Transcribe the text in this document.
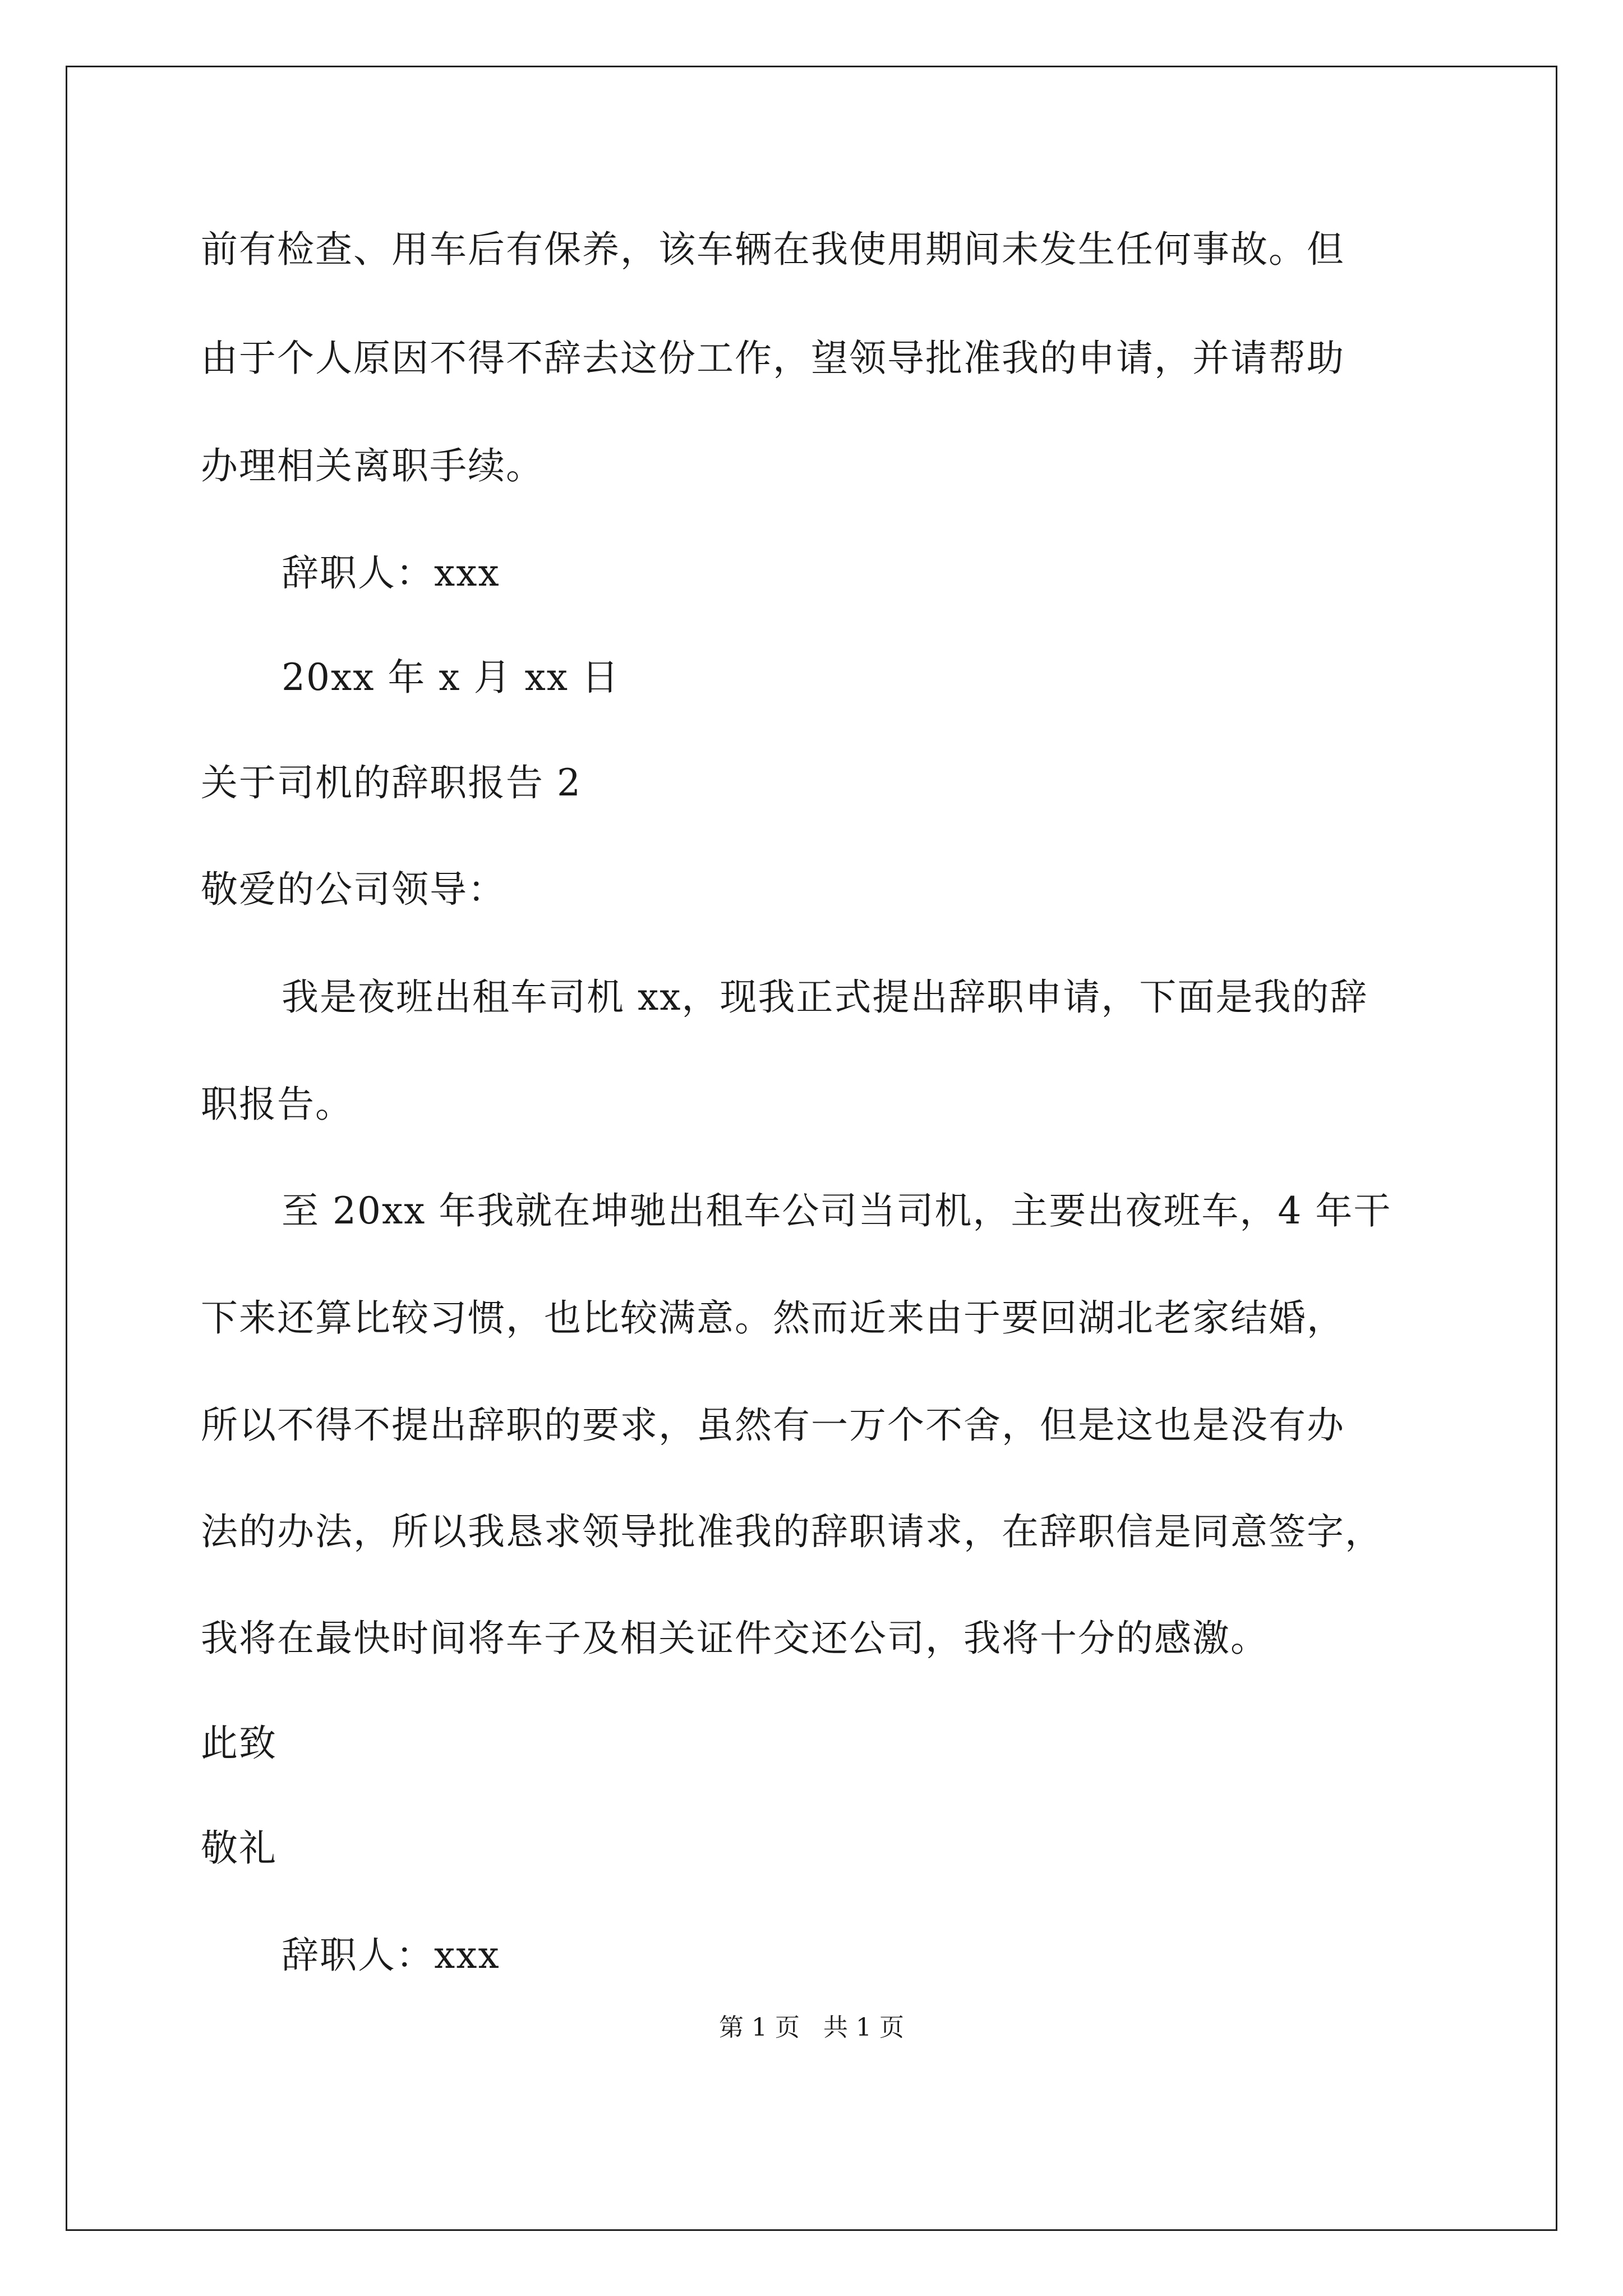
前有检查、用车后有保养，该车辆在我使用期间未发生任何事故。但
由于个人原因不得不辞去这份工作，望领导批准我的申请，并请帮助
办理相关离职手续。
辞职人：xxx
20xx 年 x 月 xx 日
关于司机的辞职报告 2
敬爱的公司领导：
我是夜班出租车司机 xx，现我正式提出辞职申请，下面是我的辞
职报告。
至 20xx 年我就在坤驰出租车公司当司机，主要出夜班车，4 年干
下来还算比较习惯，也比较满意。然而近来由于要回湖北老家结婚，
所以不得不提出辞职的要求，虽然有一万个不舍，但是这也是没有办
法的办法，所以我恳求领导批准我的辞职请求，在辞职信是同意签字，
我将在最快时间将车子及相关证件交还公司，我将十分的感激。
此致
敬礼
辞职人：xxx
第 1 页   共 1 页
